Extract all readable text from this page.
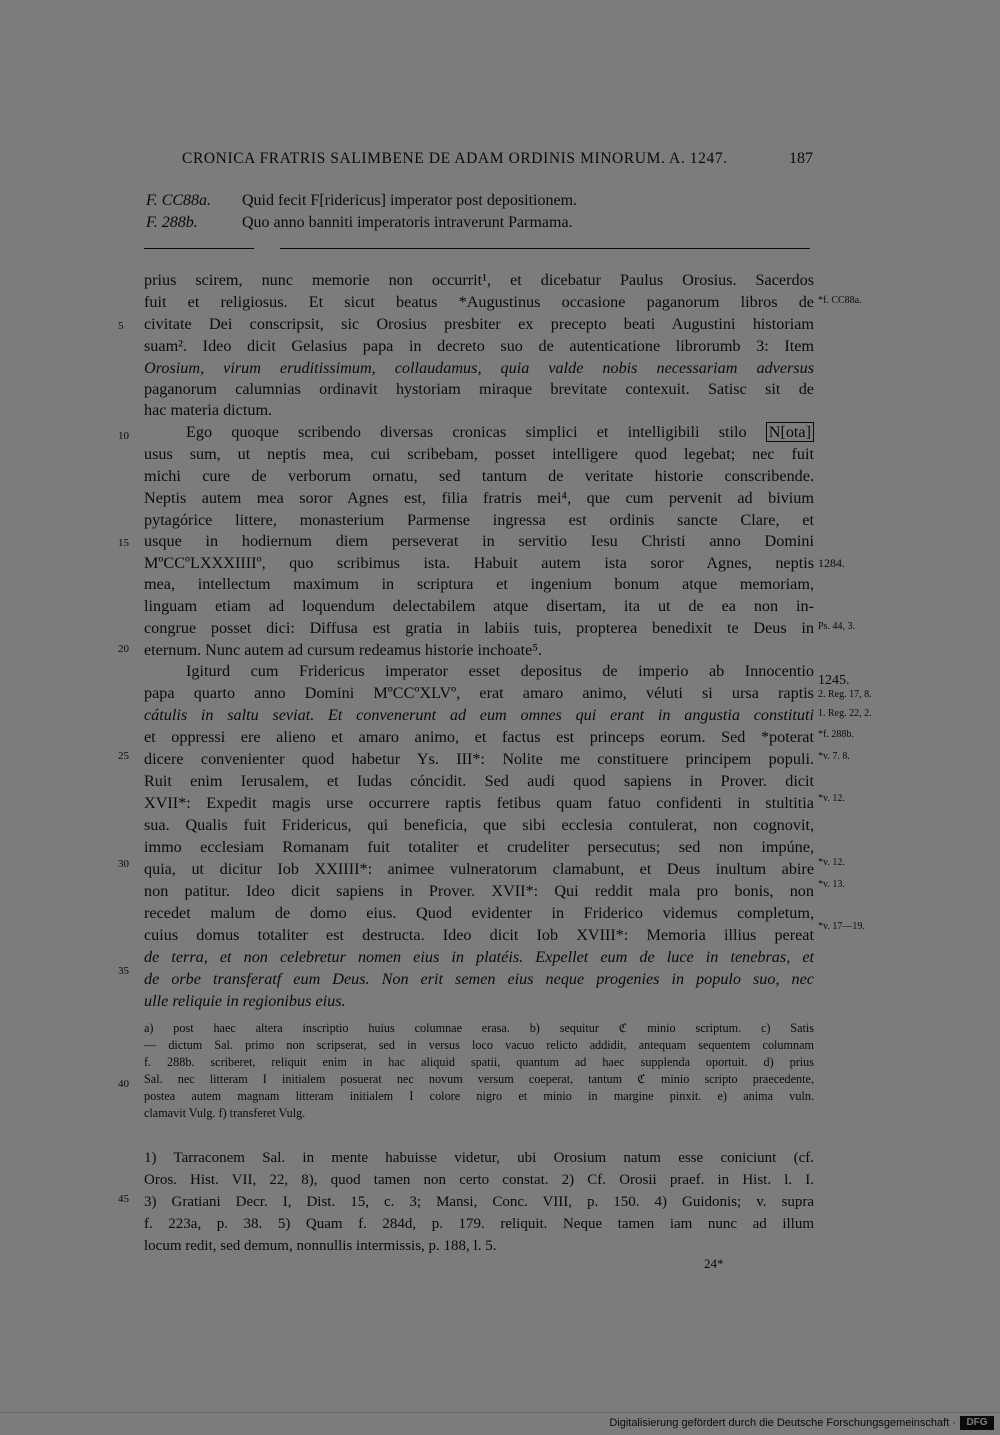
CRONICA FRATRIS SALIMBENE DE ADAM ORDINIS MINORUM. A. 1247.	187
F. CC88a. Quid fecit F[ridericus] imperator post depositionem.
F. 288b.	Quo anno banniti imperatoris intraverunt Parmama.
prius scirem, nunc memorie non occurrit¹, et dicebatur Paulus Orosius. Sacerdos
fuit et religiosus. Et sicut beatus *Augustinus occasione paganorum libros de
civitate Dei conscripsit, sic Orosius presbiter ex precepto beati Augustini historiam
suam². Ideo dicit Gelasius papa in decreto suo de autenticatione librorumb 3: Item
Orosium, virum eruditissimum, collaudamus, quia valde nobis necessariam adversus
paganorum calumnias ordinavit hystoriam miraque brevitate contexuit. Satisc sit de
hac materia dictum.
Ego quoque scribendo diversas cronicas simplici et intelligibili stilo N[ota]
usus sum, ut neptis mea, cui scribebam, posset intelligere quod legebat; nec fuit
michi cure de verborum ornatu, sed tantum de veritate historie conscribende.
Neptis autem mea soror Agnes est, filia fratris mei⁴, que cum pervenit ad bivium
pytagórice littere, monasterium Parmense ingressa est ordinis sancte Clare, et
usque in hodiernum diem perseverat in servitio Iesu Christi anno Domini
MºCCºLXXXIIIIº, quo scribimus ista. Habuit autem ista soror Agnes, neptis
mea, intellectum maximum in scriptura et ingenium bonum atque memoriam,
linguam etiam ad loquendum delectabilem atque disertam, ita ut de ea non in-
congrue posset dici: Diffusa est gratia in labiis tuis, propterea benedixit te Deus in
eternum. Nunc autem ad cursum redeamus historie inchoate⁵.
Igiturd cum Fridericus imperator esset depositus de imperio ab Innocentio
papa quarto anno Domini MºCCºXLVº, erat amaro animo, véluti si ursa raptis
cátulis in saltu seviat. Et convenerunt ad eum omnes qui erant in angustia constituti
et oppressi ere alieno et amaro animo, et factus est princeps eorum. Sed *poterat
dicere convenienter quod habetur Ys. III*: Nolite me constituere principem populi.
Ruit enim Ierusalem, et Iudas cóncidit. Sed audi quod sapiens in Prover. dicit
XVII*: Expedit magis urse occurrere raptis fetibus quam fatuo confidenti in stultitia
sua. Qualis fuit Fridericus, qui beneficia, que sibi ecclesia contulerat, non cognovit,
immo ecclesiam Romanam fuit totaliter et crudeliter persecutus; sed non impúne,
quia, ut dicitur Iob XXIIII*: animee vulneratorum clamabunt, et Deus inultum abire
non patitur. Ideo dicit sapiens in Prover. XVII*: Qui reddit mala pro bonis, non
recedet malum de domo eius. Quod evidenter in Friderico videmus completum,
cuius domus totaliter est destructa. Ideo dicit Iob XVIII*: Memoria illius pereat
de terra, et non celebretur nomen eius in platéis. Expellet eum de luce in tenebras, et
de orbe transferatf eum Deus. Non erit semen eius neque progenies in populo suo, nec
ulle reliquie in regionibus eius.
5
10
15
20
25
30
35
40
45
*f. CC88a.
1284.
Ps. 44, 3.
1245.
2. Reg. 17, 8.
1. Reg. 22, 2.
*f. 288b.
*v. 7. 8.
*v. 12.
*v. 12.
*v. 13.
*v. 17—19.
a) post haec altera inscriptio huius columnae erasa. b) sequitur ℭ minio scriptum. c) Satis
— dictum Sal. primo non scripserat, sed in versus loco vacuo relicto addidit, antequam sequentem columnam
f. 288b. scriberet, reliquit enim in hac aliquid spatii, quantum ad haec supplenda oportuit. d) prius
Sal. nec litteram I initialem posuerat nec novum versum coeperat, tantum ℭ minio scripto praecedente,
postea autem magnam litteram initialem I colore nigro et minio in margine pinxit. e) anima vuln.
clamavit Vulg. f) transferet Vulg.
1) Tarraconem Sal. in mente habuisse videtur, ubi Orosium natum esse coniciunt (cf.
Oros. Hist. VII, 22, 8), quod tamen non certo constat. 2) Cf. Orosii praef. in Hist. l. I.
3) Gratiani Decr. I, Dist. 15, c. 3; Mansi, Conc. VIII, p. 150. 4) Guidonis; v. supra
f. 223a, p. 38. 5) Quam f. 284d, p. 179. reliquit. Neque tamen iam nunc ad illum
locum redit, sed demum, nonnullis intermissis, p. 188, l. 5.
24*
Digitalisierung gefördert durch die Deutsche Forschungsgemeinschaft ·	DFG
